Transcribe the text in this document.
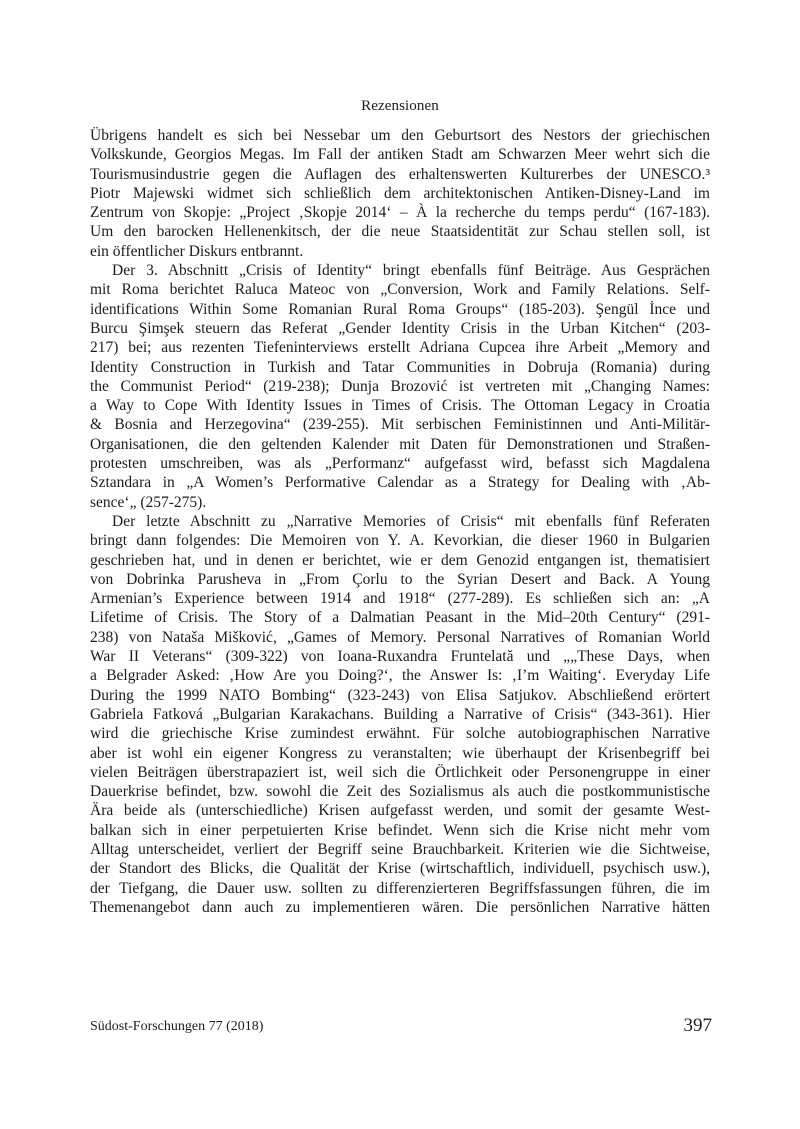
Rezensionen
Übrigens handelt es sich bei Nessebar um den Geburtsort des Nestors der griechischen
Volkskunde, Georgios Megas. Im Fall der antiken Stadt am Schwarzen Meer wehrt sich die
Tourismusindustrie gegen die Auflagen des erhaltenswerten Kulturerbes der UNESCO.³
Piotr Majewski widmet sich schließlich dem architektonischen Antiken-Disney-Land im
Zentrum von Skopje: „Project ‚Skopje 2014‘ – À la recherche du temps perdu“ (167-183).
Um den barocken Hellenenkitsch, der die neue Staatsidentität zur Schau stellen soll, ist
ein öffentlicher Diskurs entbrannt.
Der 3. Abschnitt „Crisis of Identity“ bringt ebenfalls fünf Beiträge. Aus Gesprächen
mit Roma berichtet Raluca Mateoc von „Conversion, Work and Family Relations. Self-
identifications Within Some Romanian Rural Roma Groups“ (185-203). Şengül İnce und
Burcu Şimşek steuern das Referat „Gender Identity Crisis in the Urban Kitchen“ (203-
217) bei; aus rezenten Tiefeninterviews erstellt Adriana Cupcea ihre Arbeit „Memory and
Identity Construction in Turkish and Tatar Communities in Dobruja (Romania) during
the Communist Period“ (219-238); Dunja Brozović ist vertreten mit „Changing Names:
a Way to Cope With Identity Issues in Times of Crisis. The Ottoman Legacy in Croatia
& Bosnia and Herzegovina“ (239-255). Mit serbischen Feministinnen und Anti-Militär-
Organisationen, die den geltenden Kalender mit Daten für Demonstrationen und Straßen-
protesten umschreiben, was als „Performanz“ aufgefasst wird, befasst sich Magdalena
Sztandara in „A Women’s Performative Calendar as a Strategy for Dealing with ‚Ab-
sence‘„ (257-275).
Der letzte Abschnitt zu „Narrative Memories of Crisis“ mit ebenfalls fünf Referaten
bringt dann folgendes: Die Memoiren von Y. A. Kevorkian, die dieser 1960 in Bulgarien
geschrieben hat, und in denen er berichtet, wie er dem Genozid entgangen ist, thematisiert
von Dobrinka Parusheva in „From Çorlu to the Syrian Desert and Back. A Young
Armenian’s Experience between 1914 and 1918“ (277-289). Es schließen sich an: „A
Lifetime of Crisis. The Story of a Dalmatian Peasant in the Mid–20th Century“ (291-
238) von Nataša Mišković, „Games of Memory. Personal Narratives of Romanian World
War II Veterans“ (309-322) von Ioana-Ruxandra Fruntelată und „„These Days, when
a Belgrader Asked: ‚How Are you Doing?‘, the Answer Is: ‚I’m Waiting‘. Everyday Life
During the 1999 NATO Bombing“ (323-243) von Elisa Satjukov. Abschließend erörtert
Gabriela Fatková „Bulgarian Karakachans. Building a Narrative of Crisis“ (343-361). Hier
wird die griechische Krise zumindest erwähnt. Für solche autobiographischen Narrative
aber ist wohl ein eigener Kongress zu veranstalten; wie überhaupt der Krisenbegriff bei
vielen Beiträgen überstrapaziert ist, weil sich die Örtlichkeit oder Personengruppe in einer
Dauerkrise befindet, bzw. sowohl die Zeit des Sozialismus als auch die postkommunistische
Ära beide als (unterschiedliche) Krisen aufgefasst werden, und somit der gesamte West-
balkan sich in einer perpetuierten Krise befindet. Wenn sich die Krise nicht mehr vom
Alltag unterscheidet, verliert der Begriff seine Brauchbarkeit. Kriterien wie die Sichtweise,
der Standort des Blicks, die Qualität der Krise (wirtschaftlich, individuell, psychisch usw.),
der Tiefgang, die Dauer usw. sollten zu differenzierteren Begriffsfassungen führen, die im
Themenangebot dann auch zu implementieren wären. Die persönlichen Narrative hätten
Südost-Forschungen 77 (2018)	397
